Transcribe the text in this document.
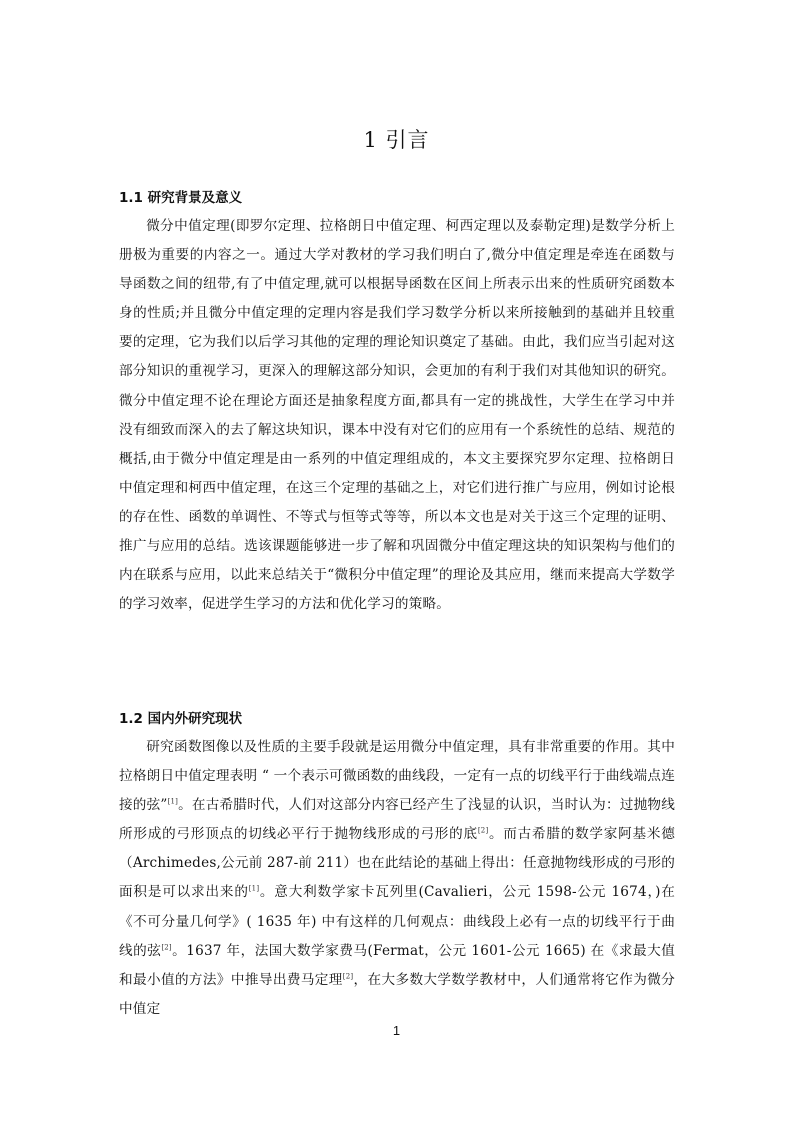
1 引言
1.1 研究背景及意义
微分中值定理(即罗尔定理、拉格朗日中值定理、柯西定理以及泰勒定理)是数学分析上册极为重要的内容之一。通过大学对教材的学习我们明白了,微分中值定理是牵连在函数与导函数之间的纽带,有了中值定理,就可以根据导函数在区间上所表示出来的性质研究函数本身的性质;并且微分中值定理的定理内容是我们学习数学分析以来所接触到的基础并且较重要的定理，它为我们以后学习其他的定理的理论知识奠定了基础。由此，我们应当引起对这部分知识的重视学习，更深入的理解这部分知识，会更加的有利于我们对其他知识的研究。微分中值定理不论在理论方面还是抽象程度方面,都具有一定的挑战性，大学生在学习中并没有细致而深入的去了解这块知识，课本中没有对它们的应用有一个系统性的总结、规范的概括,由于微分中值定理是由一系列的中值定理组成的，本文主要探究罗尔定理、拉格朗日中值定理和柯西中值定理，在这三个定理的基础之上，对它们进行推广与应用，例如讨论根的存在性、函数的单调性、不等式与恒等式等等，所以本文也是对关于这三个定理的证明、推广与应用的总结。选该课题能够进一步了解和巩固微分中值定理这块的知识架构与他们的内在联系与应用，以此来总结关于“微积分中值定理”的理论及其应用，继而来提高大学数学的学习效率，促进学生学习的方法和优化学习的策略。
1.2 国内外研究现状
研究函数图像以及性质的主要手段就是运用微分中值定理，具有非常重要的作用。其中拉格朗日中值定理表明 “ 一个表示可微函数的曲线段，一定有一点的切线平行于曲线端点连接的弦”[1]。在古希腊时代，人们对这部分内容已经产生了浅显的认识，当时认为：过抛物线所形成的弓形顶点的切线必平行于抛物线形成的弓形的底[2]。而古希腊的数学家阿基米德（Archimedes,公元前 287-前 211）也在此结论的基础上得出：任意抛物线形成的弓形的面积是可以求出来的[1]。意大利数学家卡瓦列里(Cavalieri，公元 1598-公元 1674，)在《不可分量几何学》( 1635 年) 中有这样的几何观点：曲线段上必有一点的切线平行于曲线的弦[2]。1637 年，法国大数学家费马(Fermat，公元 1601-公元 1665) 在《求最大值和最小值的方法》中推导出费马定理[2]，在大多数大学数学教材中，人们通常将它作为微分中值定
1
